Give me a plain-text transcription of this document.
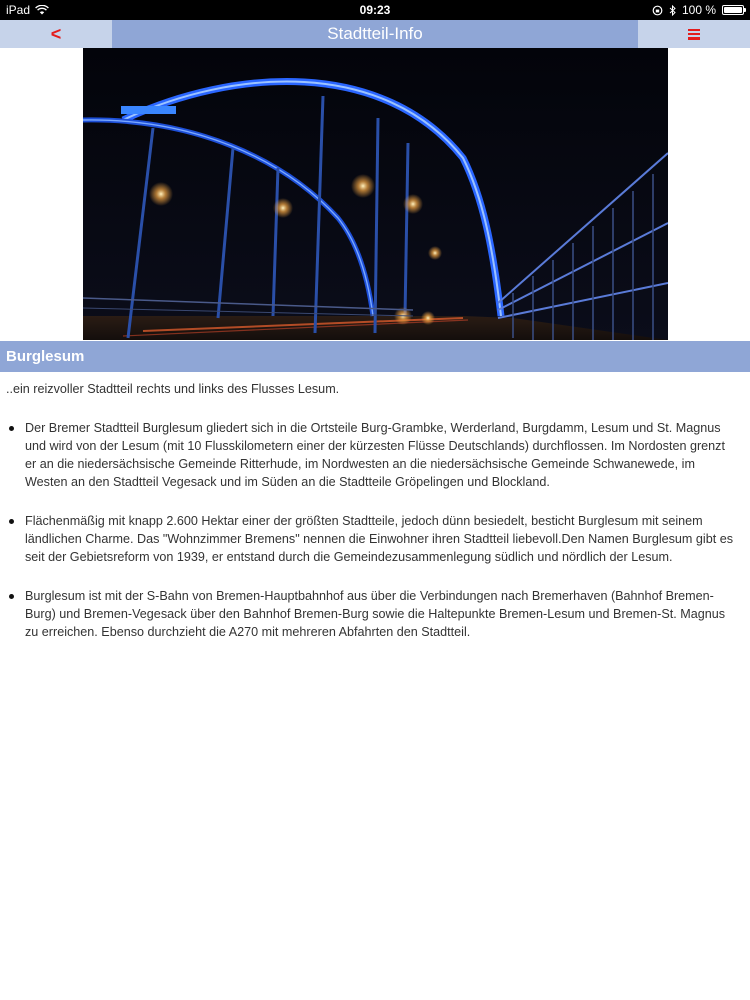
iPad	09:23	100 %
<	Stadtteil-Info
Burglesum

..ein reizvoller Stadtteil rechts und links des Flusses Lesum.

Der Bremer Stadtteil Burglesum gliedert sich in die Ortsteile Burg-Grambke, Werderland, Burgdamm, Lesum und St. Magnus und wird von der Lesum (mit 10 Flusskilometern einer der kürzesten Flüsse Deutschlands) durchflossen. Im Nordosten grenzt er an die niedersächsische Gemeinde Ritterhude, im Nordwesten an die niedersächsische Gemeinde Schwanewede, im Westen an den Stadtteil Vegesack und im Süden an die Stadtteile Gröpelingen und Blockland.
Flächenmäßig mit knapp 2.600 Hektar einer der größten Stadtteile, jedoch dünn besiedelt, besticht Burglesum mit seinem ländlichen Charme. Das "Wohnzimmer Bremens" nennen die Einwohner ihren Stadtteil liebevoll.Den Namen Burglesum gibt es seit der Gebietsreform von 1939, er entstand durch die Gemeindezusammenlegung südlich und nördlich der Lesum.
Burglesum ist mit der S-Bahn von Bremen-Hauptbahnhof aus über die Verbindungen nach Bremerhaven (Bahnhof Bremen-Burg) und Bremen-Vegesack über den Bahnhof Bremen-Burg sowie die Haltepunkte Bremen-Lesum und Bremen-St. Magnus zu erreichen. Ebenso durchzieht die A270 mit mehreren Abfahrten den Stadtteil.
